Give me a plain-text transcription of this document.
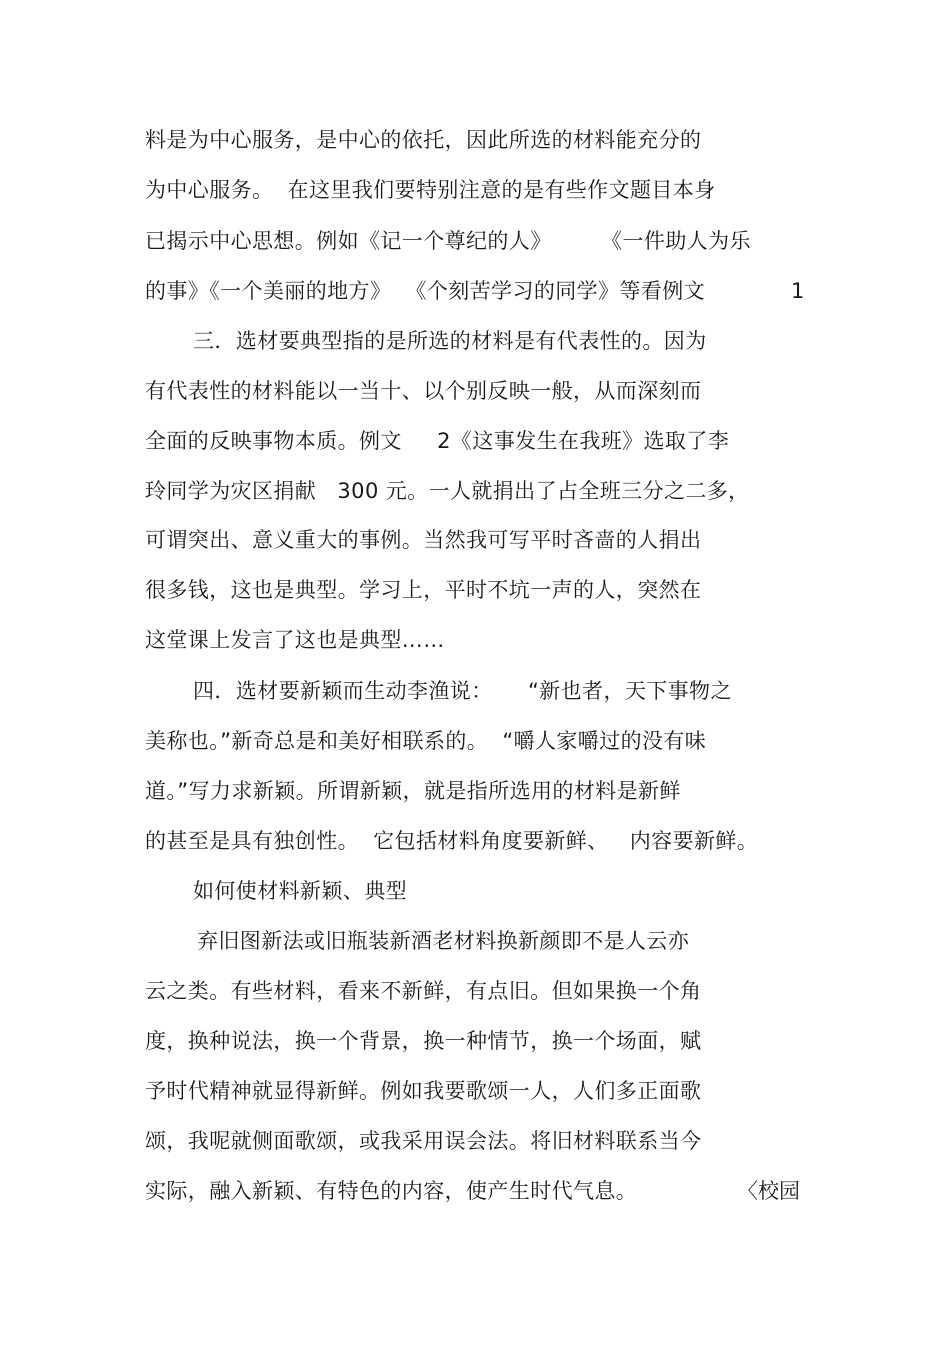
料是为中心服务，是中心的依托，因此所选的材料能充分的
为中心服务。  在这里我们要特别注意的是有些作文题目本身
已揭示中心思想。例如《记一个尊纪的人》       《一件助人为乐
的事》《一个美丽的地方》  《个刻苦学习的同学》等看例文	1
三．选材要典型指的是所选的材料是有代表性的。因为
有代表性的材料能以一当十、以个别反映一般，从而深刻而
全面的反映事物本质。例文     2《这事发生在我班》选取了李
玲同学为灾区捐献   300 元。一人就捐出了占全班三分之二多，
可谓突出、意义重大的事例。当然我可写平时吝啬的人捐出
很多钱，这也是典型。学习上，平时不坑一声的人，突然在
这堂课上发言了这也是典型……
四．选材要新颖而生动李渔说：     “新也者，天下事物之
美称也。”新奇总是和美好相联系的。  “嚼人家嚼过的没有味
道。”写力求新颖。所谓新颖，就是指所选用的材料是新鲜
的甚至是具有独创性。  它包括材料角度要新鲜、   内容要新鲜。
如何使材料新颖、典型
弃旧图新法或旧瓶装新酒老材料换新颜即不是人云亦
云之类。有些材料，看来不新鲜，有点旧。但如果换一个角
度，换种说法，换一个背景，换一种情节，换一个场面，赋
予时代精神就显得新鲜。例如我要歌颂一人，人们多正面歌
颂，我呢就侧面歌颂，或我采用误会法。将旧材料联系当今
实际，融入新颖、有特色的内容，使产生时代气息。	〈校园
